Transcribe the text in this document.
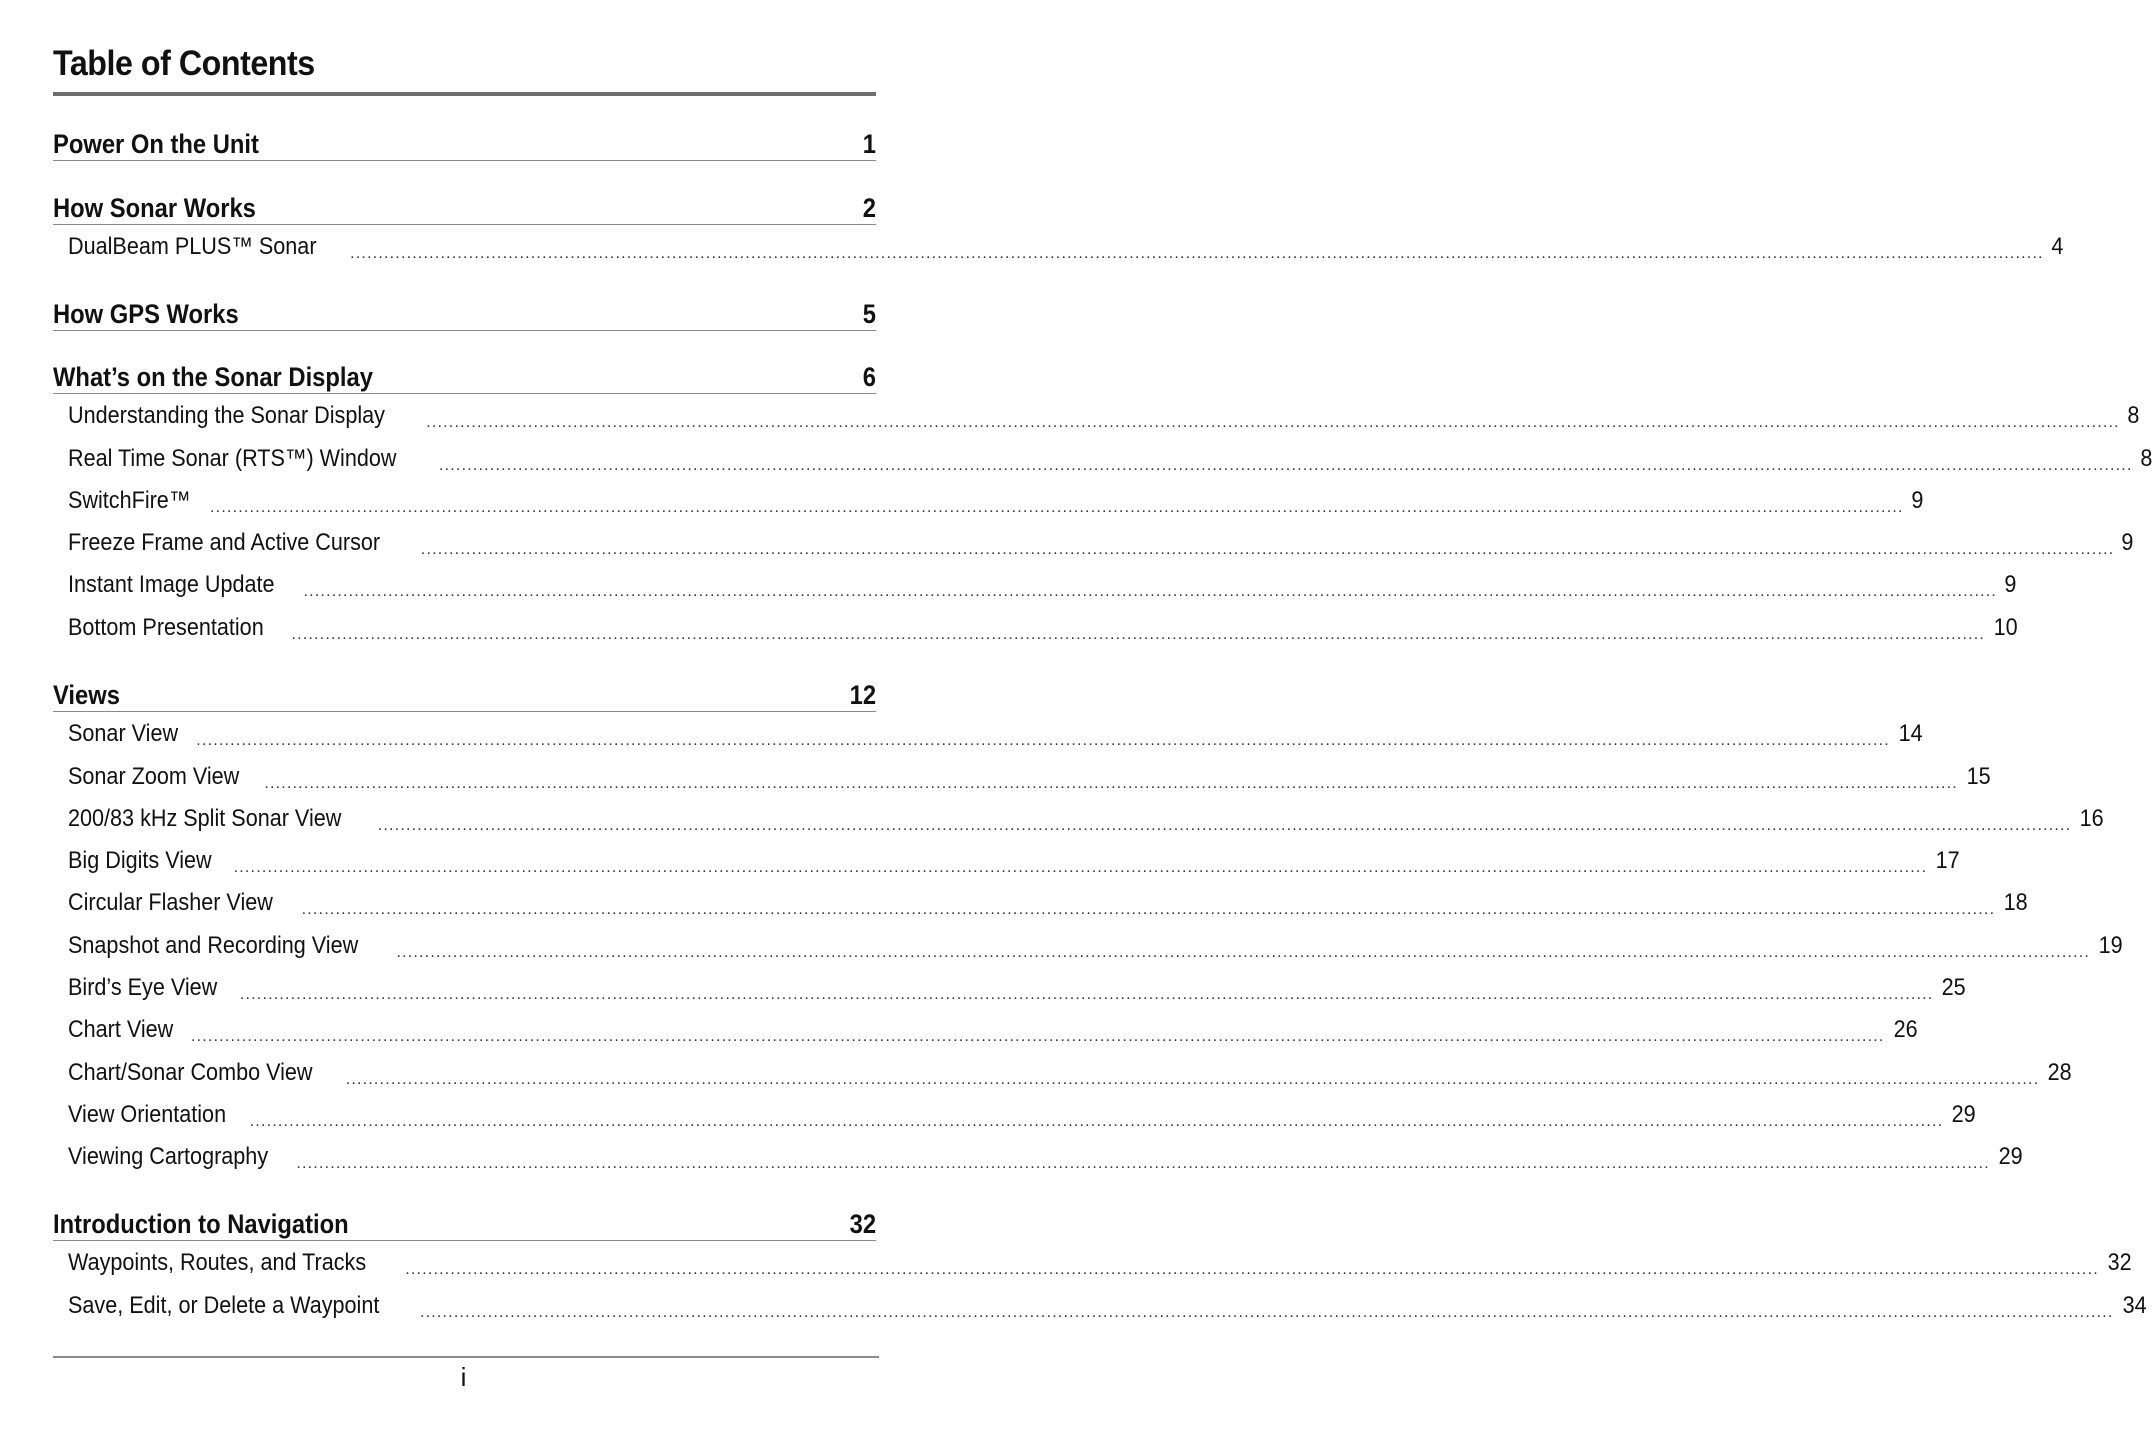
Table of Contents
Power On the Unit	1
How Sonar Works	2
DualBeam PLUS™ Sonar ............................................................................................................................................................................................................................................................................................................ 4
How GPS Works	5
What’s on the Sonar Display	6
Understanding the Sonar Display	............................................................................................................................................................................................................................................................................................................ 8
Real Time Sonar (RTS™) Window	............................................................................................................................................................................................................................................................................................................ 8
SwitchFire™ ............................................................................................................................................................................................................................................................................................................ 9
Freeze Frame and Active Cursor	............................................................................................................................................................................................................................................................................................................ 9
Instant Image Update ............................................................................................................................................................................................................................................................................................................ 9
Bottom Presentation ............................................................................................................................................................................................................................................................................................................ 10
Views	12
Sonar View ............................................................................................................................................................................................................................................................................................................ 14
Sonar Zoom View ............................................................................................................................................................................................................................................................................................................ 15
200/83 kHz Split Sonar View ............................................................................................................................................................................................................................................................................................................ 16
Big Digits View ............................................................................................................................................................................................................................................................................................................ 17
Circular Flasher View ............................................................................................................................................................................................................................................................................................................ 18
Snapshot and Recording View ............................................................................................................................................................................................................................................................................................................ 19
Bird’s Eye View ............................................................................................................................................................................................................................................................................................................ 25
Chart View ............................................................................................................................................................................................................................................................................................................ 26
Chart/Sonar Combo View ............................................................................................................................................................................................................................................................................................................ 28
View Orientation ............................................................................................................................................................................................................................................................................................................ 29
Viewing Cartography ............................................................................................................................................................................................................................................................................................................ 29
Introduction to Navigation	32
Waypoints, Routes, and Tracks ............................................................................................................................................................................................................................................................................................................ 32
Save, Edit, or Delete a Waypoint	............................................................................................................................................................................................................................................................................................................ 34
i
